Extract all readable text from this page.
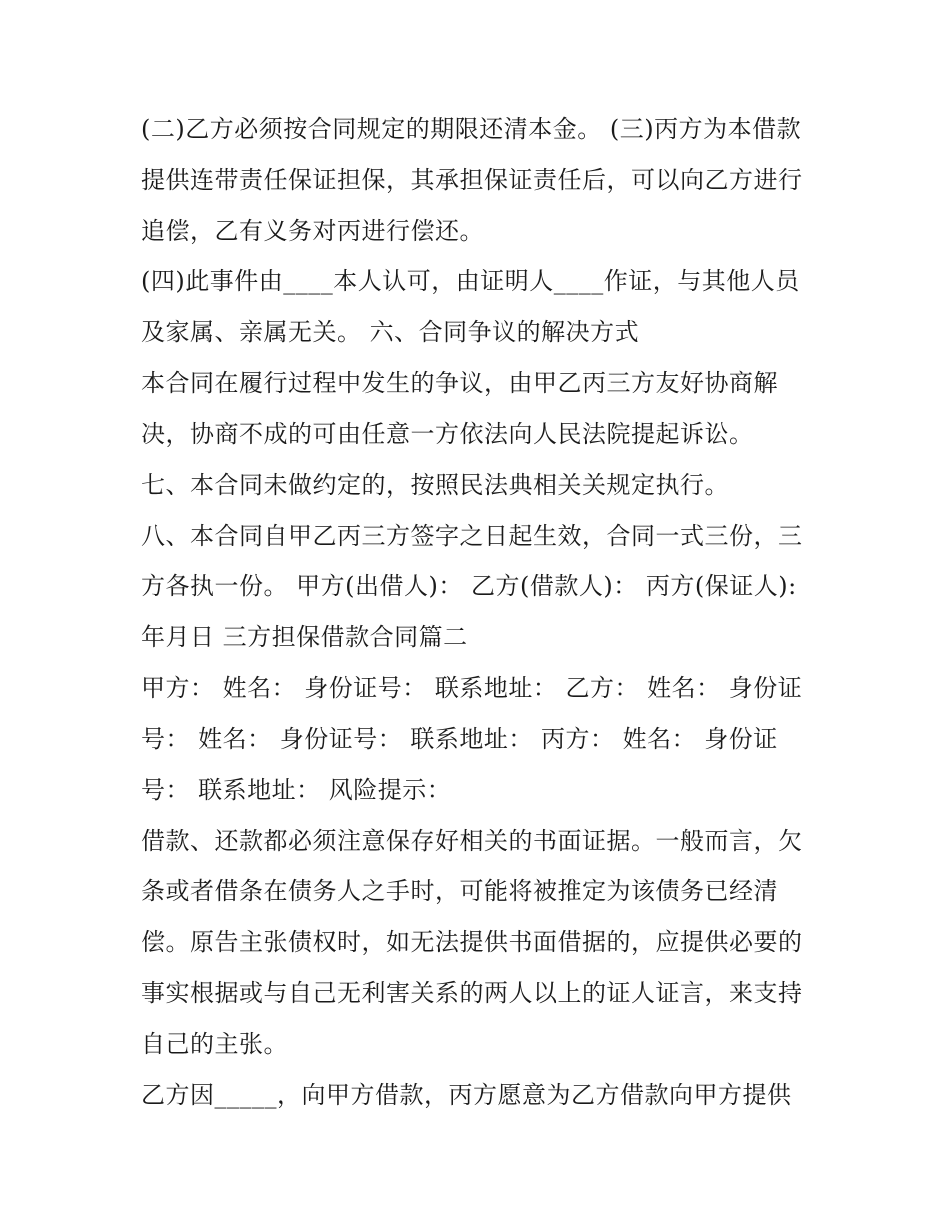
(二)乙方必须按合同规定的期限还清本金。 (三)丙方为本借款
提供连带责任保证担保，其承担保证责任后，可以向乙方进行
追偿，乙有义务对丙进行偿还。
(四)此事件由____本人认可，由证明人____作证，与其他人员
及家属、亲属无关。 六、合同争议的解决方式
本合同在履行过程中发生的争议，由甲乙丙三方友好协商解
决，协商不成的可由任意一方依法向人民法院提起诉讼。
七、本合同未做约定的，按照民法典相关关规定执行。
八、本合同自甲乙丙三方签字之日起生效，合同一式三份，三
方各执一份。 甲方(出借人)： 乙方(借款人)： 丙方(保证人):
年月日 三方担保借款合同篇二
甲方： 姓名： 身份证号： 联系地址： 乙方： 姓名： 身份证
号： 姓名： 身份证号： 联系地址： 丙方： 姓名： 身份证
号： 联系地址： 风险提示：
借款、还款都必须注意保存好相关的书面证据。一般而言，欠
条或者借条在债务人之手时，可能将被推定为该债务已经清
偿。原告主张债权时，如无法提供书面借据的，应提供必要的
事实根据或与自己无利害关系的两人以上的证人证言，来支持
自己的主张。
乙方因_____，向甲方借款，丙方愿意为乙方借款向甲方提供
